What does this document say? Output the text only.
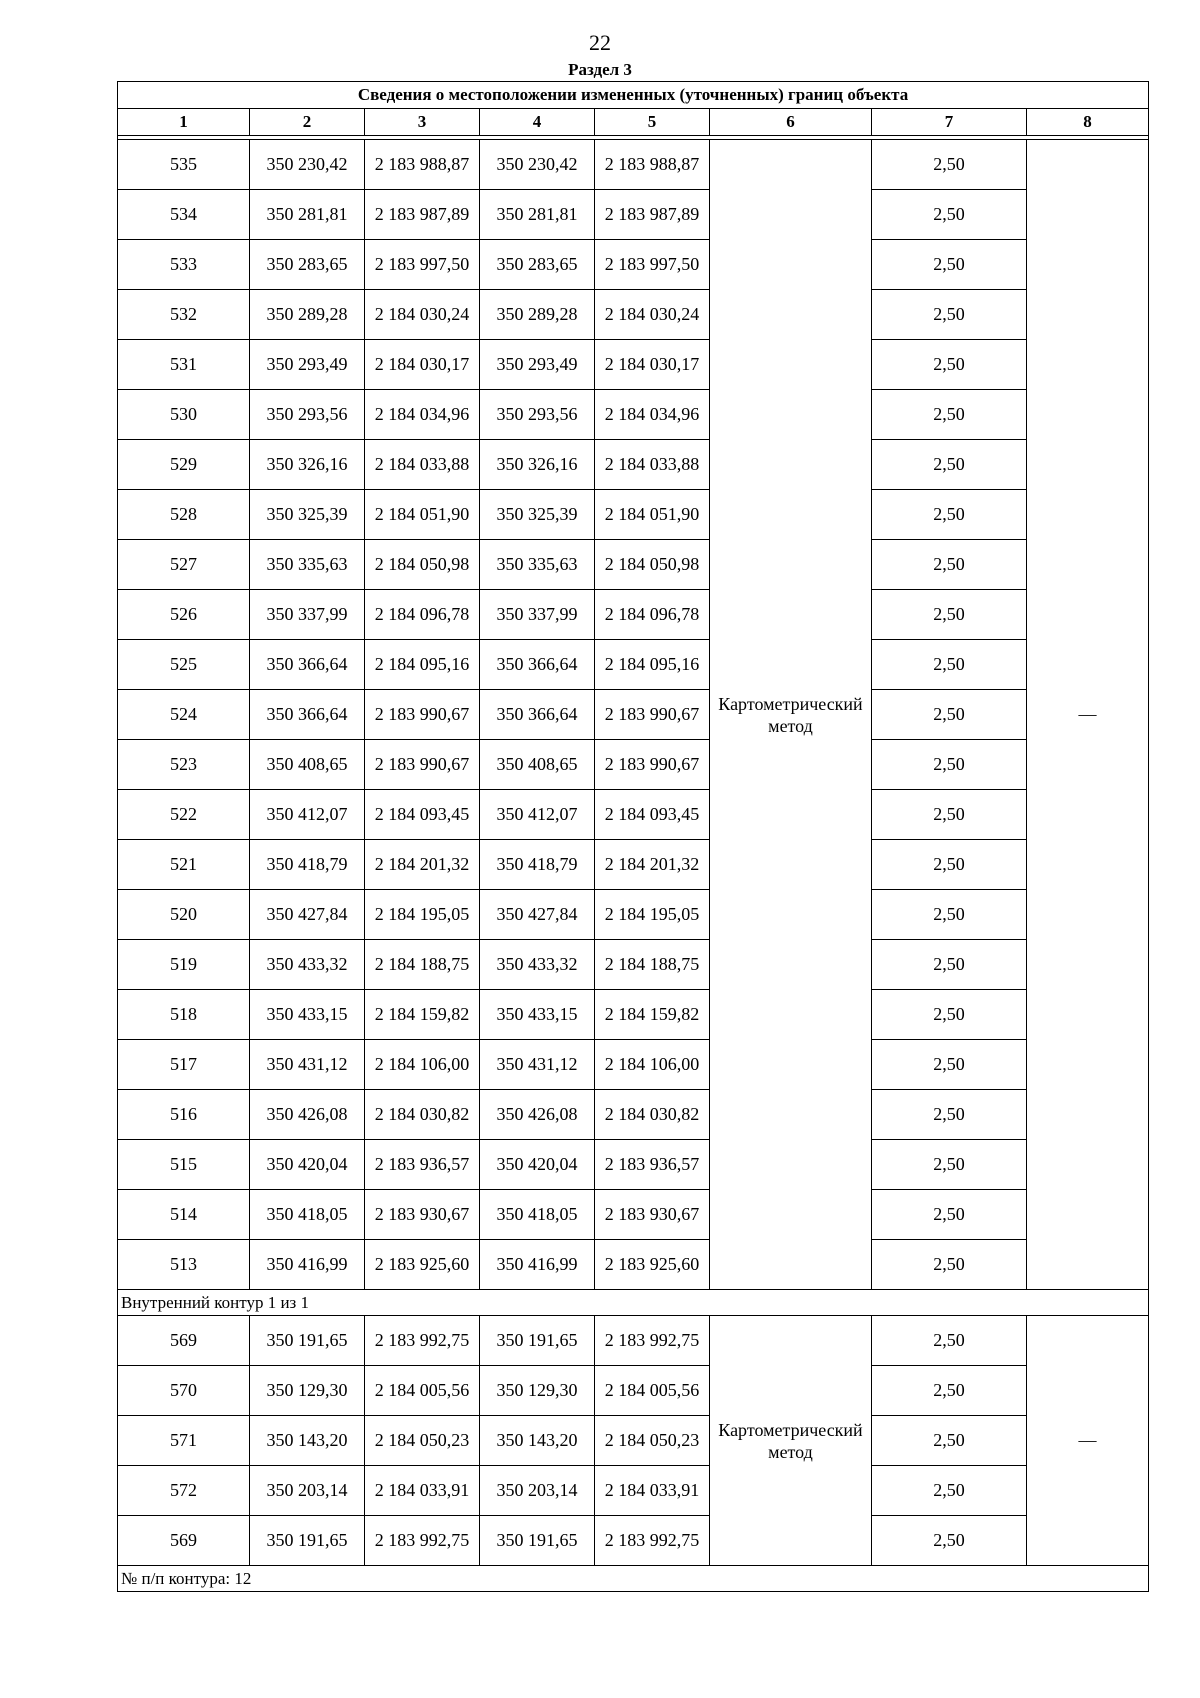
22
Раздел 3
Сведения о местоположении измененных (уточненных) границ объекта							
1	2	3	4	5	6	7	8

535	350 230,42	2 183 988,87	350 230,42	2 183 988,87	Картометрический метод	2,50	—
534	350 281,81	2 183 987,89	350 281,81	2 183 987,89		2,50	
533	350 283,65	2 183 997,50	350 283,65	2 183 997,50		2,50	
532	350 289,28	2 184 030,24	350 289,28	2 184 030,24		2,50	
531	350 293,49	2 184 030,17	350 293,49	2 184 030,17		2,50	
530	350 293,56	2 184 034,96	350 293,56	2 184 034,96		2,50	
529	350 326,16	2 184 033,88	350 326,16	2 184 033,88		2,50	
528	350 325,39	2 184 051,90	350 325,39	2 184 051,90		2,50	
527	350 335,63	2 184 050,98	350 335,63	2 184 050,98		2,50	
526	350 337,99	2 184 096,78	350 337,99	2 184 096,78		2,50	
525	350 366,64	2 184 095,16	350 366,64	2 184 095,16		2,50	
524	350 366,64	2 183 990,67	350 366,64	2 183 990,67		2,50	
523	350 408,65	2 183 990,67	350 408,65	2 183 990,67		2,50	
522	350 412,07	2 184 093,45	350 412,07	2 184 093,45		2,50	
521	350 418,79	2 184 201,32	350 418,79	2 184 201,32		2,50	
520	350 427,84	2 184 195,05	350 427,84	2 184 195,05		2,50	
519	350 433,32	2 184 188,75	350 433,32	2 184 188,75		2,50	
518	350 433,15	2 184 159,82	350 433,15	2 184 159,82		2,50	
517	350 431,12	2 184 106,00	350 431,12	2 184 106,00		2,50	
516	350 426,08	2 184 030,82	350 426,08	2 184 030,82		2,50	
515	350 420,04	2 183 936,57	350 420,04	2 183 936,57		2,50	
514	350 418,05	2 183 930,67	350 418,05	2 183 930,67		2,50	
513	350 416,99	2 183 925,60	350 416,99	2 183 925,60		2,50	
Внутренний контур 1 из 1							
569	350 191,65	2 183 992,75	350 191,65	2 183 992,75	Картометрический метод	2,50	—
570	350 129,30	2 184 005,56	350 129,30	2 184 005,56		2,50	
571	350 143,20	2 184 050,23	350 143,20	2 184 050,23		2,50	
572	350 203,14	2 184 033,91	350 203,14	2 184 033,91		2,50	
569	350 191,65	2 183 992,75	350 191,65	2 183 992,75		2,50	
№ п/п контура: 12							
